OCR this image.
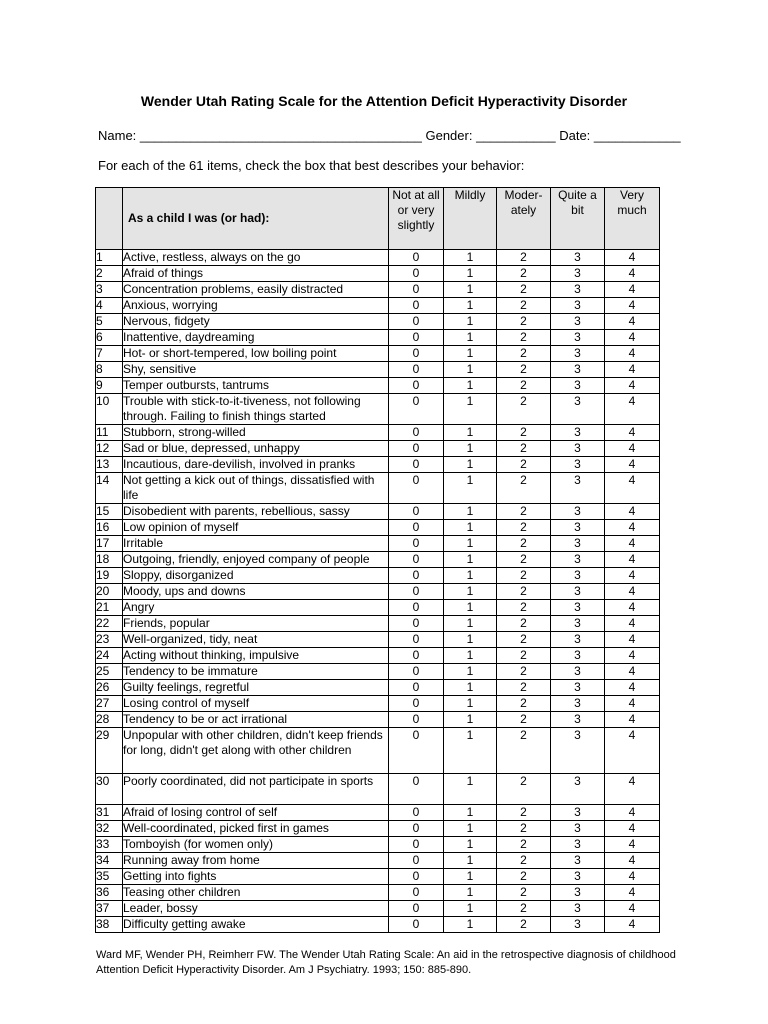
Wender Utah Rating Scale for the Attention Deficit Hyperactivity Disorder
Name: _______________________________________ Gender: ___________ Date: ____________
For each of the 61 items, check the box that best describes your behavior:
	As a child I was (or had):	Not at all or very slightly	Mildly	Moder-ately	Quite a bit	Very much
1	Active, restless, always on the go	0	1	2	3	4
2	Afraid of things	0	1	2	3	4
3	Concentration problems, easily distracted	0	1	2	3	4
4	Anxious, worrying	0	1	2	3	4
5	Nervous, fidgety	0	1	2	3	4
6	Inattentive, daydreaming	0	1	2	3	4
7	Hot- or short-tempered, low boiling point	0	1	2	3	4
8	Shy, sensitive	0	1	2	3	4
9	Temper outbursts, tantrums	0	1	2	3	4
10	Trouble with stick-to-it-tiveness, not following through. Failing to finish things started	0	1	2	3	4
11	Stubborn, strong-willed	0	1	2	3	4
12	Sad or blue, depressed, unhappy	0	1	2	3	4
13	Incautious, dare-devilish, involved in pranks	0	1	2	3	4
14	Not getting a kick out of things, dissatisfied with life	0	1	2	3	4
15	Disobedient with parents, rebellious, sassy	0	1	2	3	4
16	Low opinion of myself	0	1	2	3	4
17	Irritable	0	1	2	3	4
18	Outgoing, friendly, enjoyed company of people	0	1	2	3	4
19	Sloppy, disorganized	0	1	2	3	4
20	Moody, ups and downs	0	1	2	3	4
21	Angry	0	1	2	3	4
22	Friends, popular	0	1	2	3	4
23	Well-organized, tidy, neat	0	1	2	3	4
24	Acting without thinking, impulsive	0	1	2	3	4
25	Tendency to be immature	0	1	2	3	4
26	Guilty feelings, regretful	0	1	2	3	4
27	Losing control of myself	0	1	2	3	4
28	Tendency to be or act irrational	0	1	2	3	4
29	Unpopular with other children, didn't keep friends for long, didn't get along with other children	0	1	2	3	4
30	Poorly coordinated, did not participate in sports	0	1	2	3	4
31	Afraid of losing control of self	0	1	2	3	4
32	Well-coordinated, picked first in games	0	1	2	3	4
33	Tomboyish (for women only)	0	1	2	3	4
34	Running away from home	0	1	2	3	4
35	Getting into fights	0	1	2	3	4
36	Teasing other children	0	1	2	3	4
37	Leader, bossy	0	1	2	3	4
38	Difficulty getting awake	0	1	2	3	4
Ward MF, Wender PH, Reimherr FW. The Wender Utah Rating Scale: An aid in the retrospective diagnosis of childhood Attention Deficit Hyperactivity Disorder. Am J Psychiatry. 1993; 150: 885-890.
